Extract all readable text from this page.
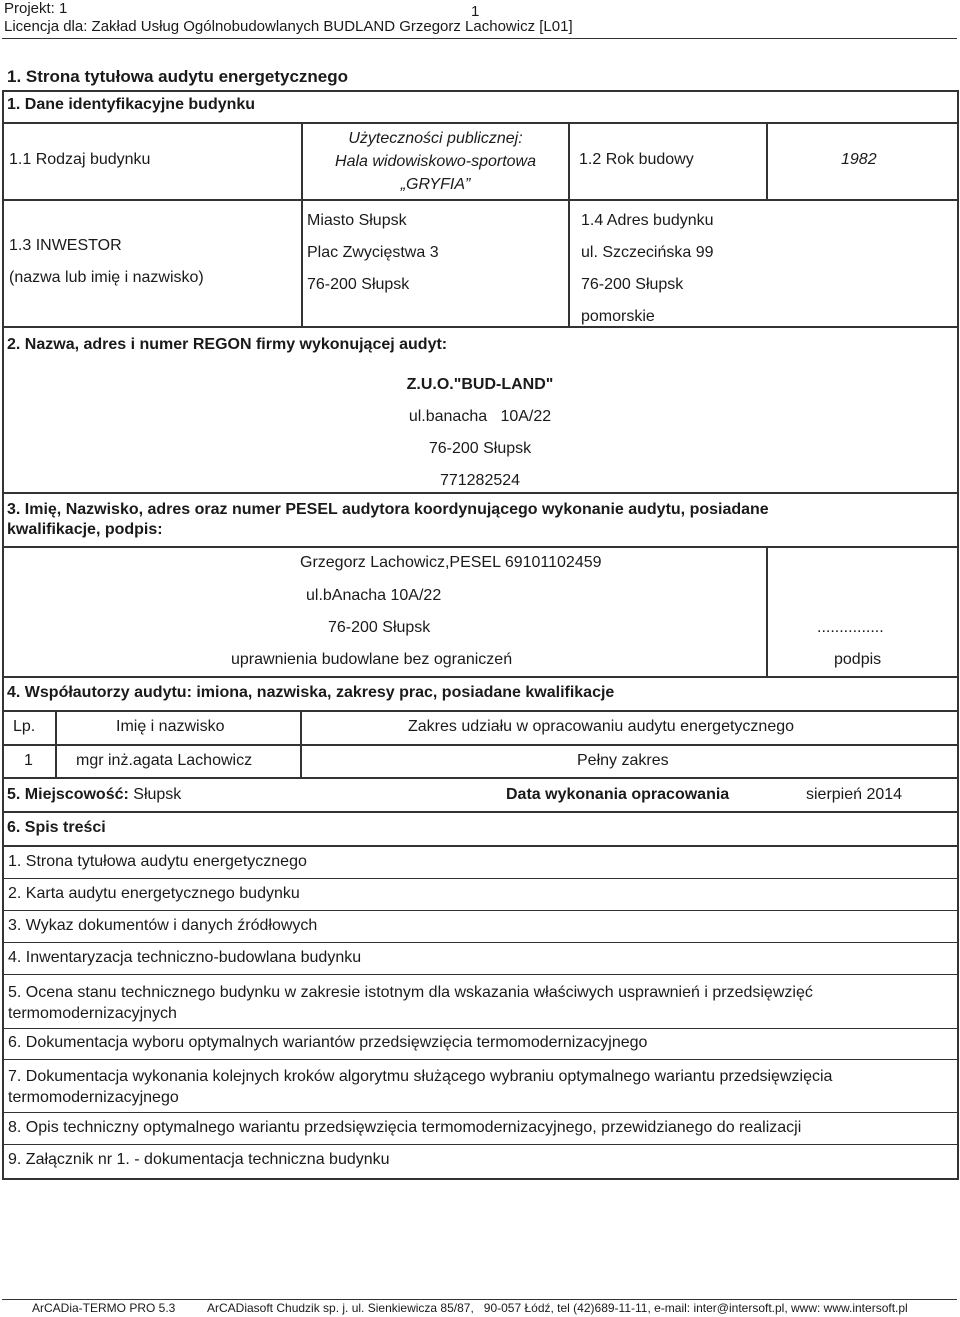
Projekt: 1	1
Licencja dla: Zakład Usług Ogólnobudowlanych BUDLAND Grzegorz Lachowicz [L01]
1. Strona tytułowa audytu energetycznego
1. Dane identyfikacyjne budynku
1.1 Rodzaj budynku
Użyteczności publicznej:
Hala widowiskowo-sportowa
„GRYFIA”
1.2 Rok budowy	1982
1.3 INWESTOR
(nazwa lub imię i nazwisko)
Miasto Słupsk
Plac Zwycięstwa 3
76-200 Słupsk
1.4 Adres budynku
ul. Szczecińska 99
76-200 Słupsk
pomorskie
2. Nazwa, adres i numer REGON firmy wykonującej audyt:
Z.U.O."BUD-LAND"
ul.banacha   10A/22
76-200 Słupsk
771282524
3. Imię, Nazwisko, adres oraz numer PESEL audytora koordynującego wykonanie audytu, posiadane
kwalifikacje, podpis:
Grzegorz Lachowicz,PESEL 69101102459
ul.bAnacha 10A/22
76-200 Słupsk
uprawnienia budowlane bez ograniczeń
...............
podpis
4. Współautorzy audytu: imiona, nazwiska, zakresy prac, posiadane kwalifikacje
Lp.	Imię i nazwisko	Zakres udziału w opracowaniu audytu energetycznego
1	mgr inż.agata Lachowicz	Pełny zakres
5. Miejscowość: Słupsk	Data wykonania opracowania	sierpień 2014
6. Spis treści
1. Strona tytułowa audytu energetycznego
2. Karta audytu energetycznego budynku
3. Wykaz dokumentów i danych źródłowych
4. Inwentaryzacja techniczno-budowlana budynku
5. Ocena stanu technicznego budynku w zakresie istotnym dla wskazania właściwych usprawnień i przedsięwzięć
termomodernizacyjnych
6. Dokumentacja wyboru optymalnych wariantów przedsięwzięcia termomodernizacyjnego
7. Dokumentacja wykonania kolejnych kroków algorytmu służącego wybraniu optymalnego wariantu przedsięwzięcia
termomodernizacyjnego
8. Opis techniczny optymalnego wariantu przedsięwzięcia termomodernizacyjnego, przewidzianego do realizacji
9. Załącznik nr 1. - dokumentacja techniczna budynku
ArCADia-TERMO PRO 5.3	ArCADiasoft Chudzik sp. j. ul. Sienkiewicza 85/87,   90-057 Łódź, tel (42)689-11-11, e-mail: inter@intersoft.pl, www: www.intersoft.pl
